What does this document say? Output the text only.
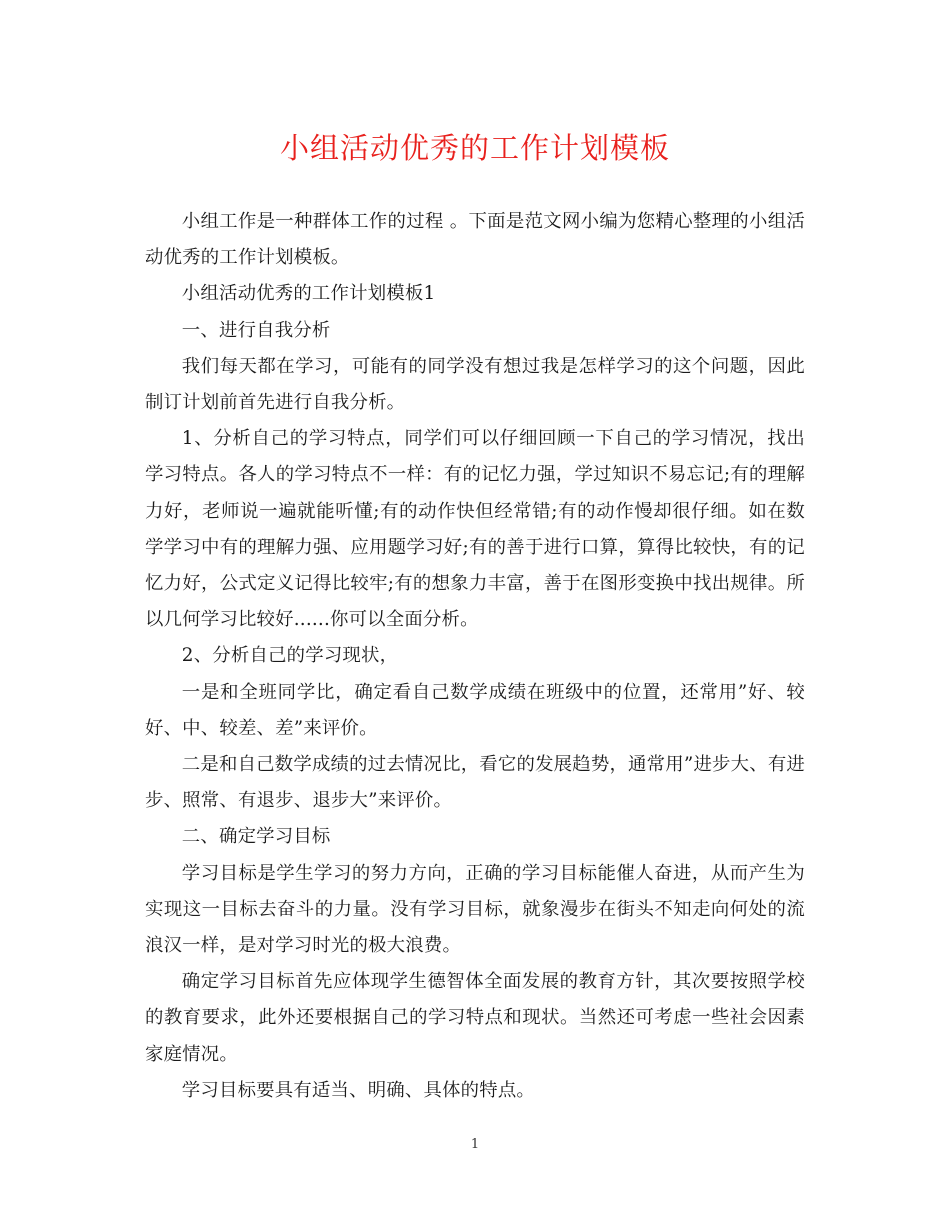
小组活动优秀的工作计划模板

小组工作是一种群体工作的过程 。下面是范文网小编为您精心整理的小组活动优秀的工作计划模板。

小组活动优秀的工作计划模板1

一、进行自我分析

我们每天都在学习，可能有的同学没有想过我是怎样学习的这个问题，因此制订计划前首先进行自我分析。

1、分析自己的学习特点，同学们可以仔细回顾一下自己的学习情况，找出学习特点。各人的学习特点不一样：有的记忆力强，学过知识不易忘记;有的理解力好，老师说一遍就能听懂;有的动作快但经常错;有的动作慢却很仔细。如在数学学习中有的理解力强、应用题学习好;有的善于进行口算，算得比较快，有的记忆力好，公式定义记得比较牢;有的想象力丰富，善于在图形变换中找出规律。所以几何学习比较好......你可以全面分析。

2、分析自己的学习现状，

一是和全班同学比，确定看自己数学成绩在班级中的位置，还常用”好、较好、中、较差、差”来评价。

二是和自己数学成绩的过去情况比，看它的发展趋势，通常用”进步大、有进步、照常、有退步、退步大”来评价。

二、确定学习目标

学习目标是学生学习的努力方向，正确的学习目标能催人奋进，从而产生为实现这一目标去奋斗的力量。没有学习目标，就象漫步在街头不知走向何处的流浪汉一样，是对学习时光的极大浪费。

确定学习目标首先应体现学生德智体全面发展的教育方针，其次要按照学校的教育要求，此外还要根据自己的学习特点和现状。当然还可考虑一些社会因素家庭情况。

学习目标要具有适当、明确、具体的特点。

1
